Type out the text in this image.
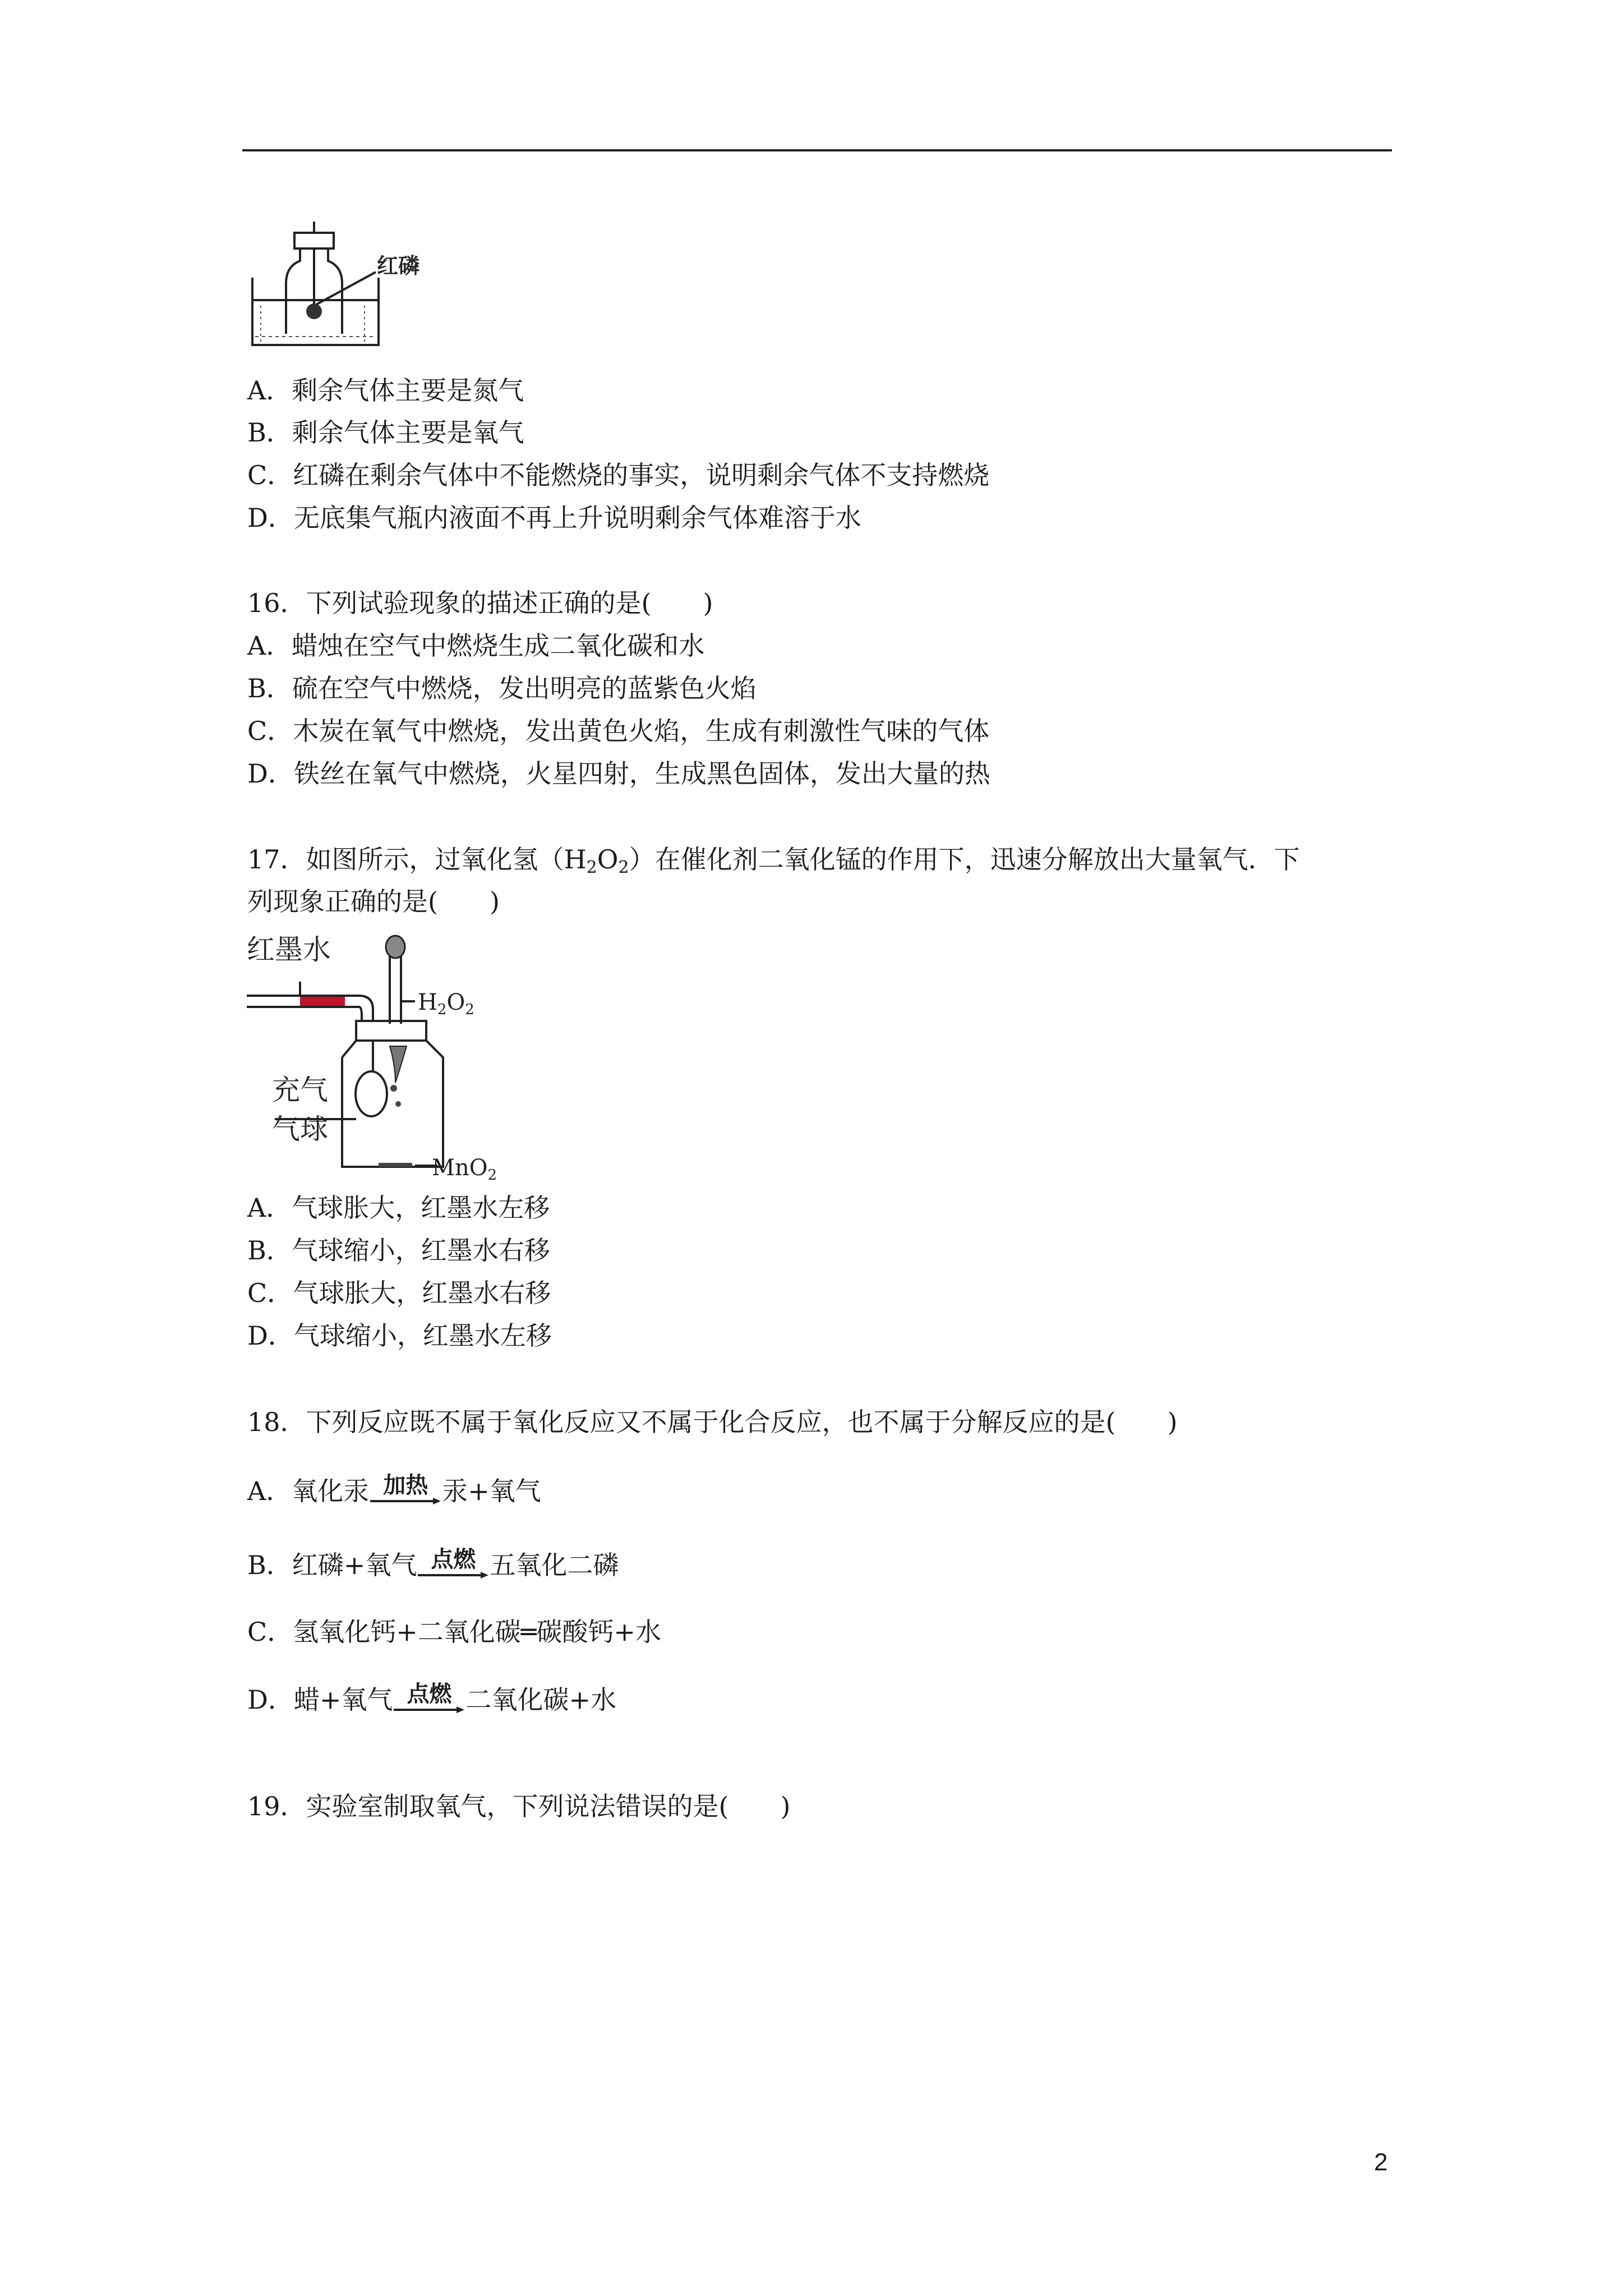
红磷
A．剩余气体主要是氮气
B．剩余气体主要是氧气
C．红磷在剩余气体中不能燃烧的事实，说明剩余气体不支持燃烧
D．无底集气瓶内液面不再上升说明剩余气体难溶于水
16．下列试验现象的描述正确的是(　　)
A．蜡烛在空气中燃烧生成二氧化碳和水
B．硫在空气中燃烧，发出明亮的蓝紫色火焰
C．木炭在氧气中燃烧，发出黄色火焰，生成有刺激性气味的气体
D．铁丝在氧气中燃烧，火星四射，生成黑色固体，发出大量的热
17．如图所示，过氧化氢$(H_2O_2)$在催化剂二氧化锰的作用下，迅速分解放出大量氧气．下
列现象正确的是(　　)
红墨水
$H_2O_2$
充气
气球
MnO$_2$
A．气球胀大，红墨水左移
B．气球缩小，红墨水右移
C．气球胀大，红墨水右移
D．气球缩小，红墨水左移
18．下列反应既不属于氧化反应又不属于化合反应，也不属于分解反应的是(　　)
A．氧化汞 加热 汞+氧气
B．红磷+氧气 点燃 五氧化二磷
C．氢氧化钙+二氧化碳═碳酸钙+水
D．蜡+氧气 点燃 二氧化碳+水
19．实验室制取氧气，下列说法错误的是(　　)
2
